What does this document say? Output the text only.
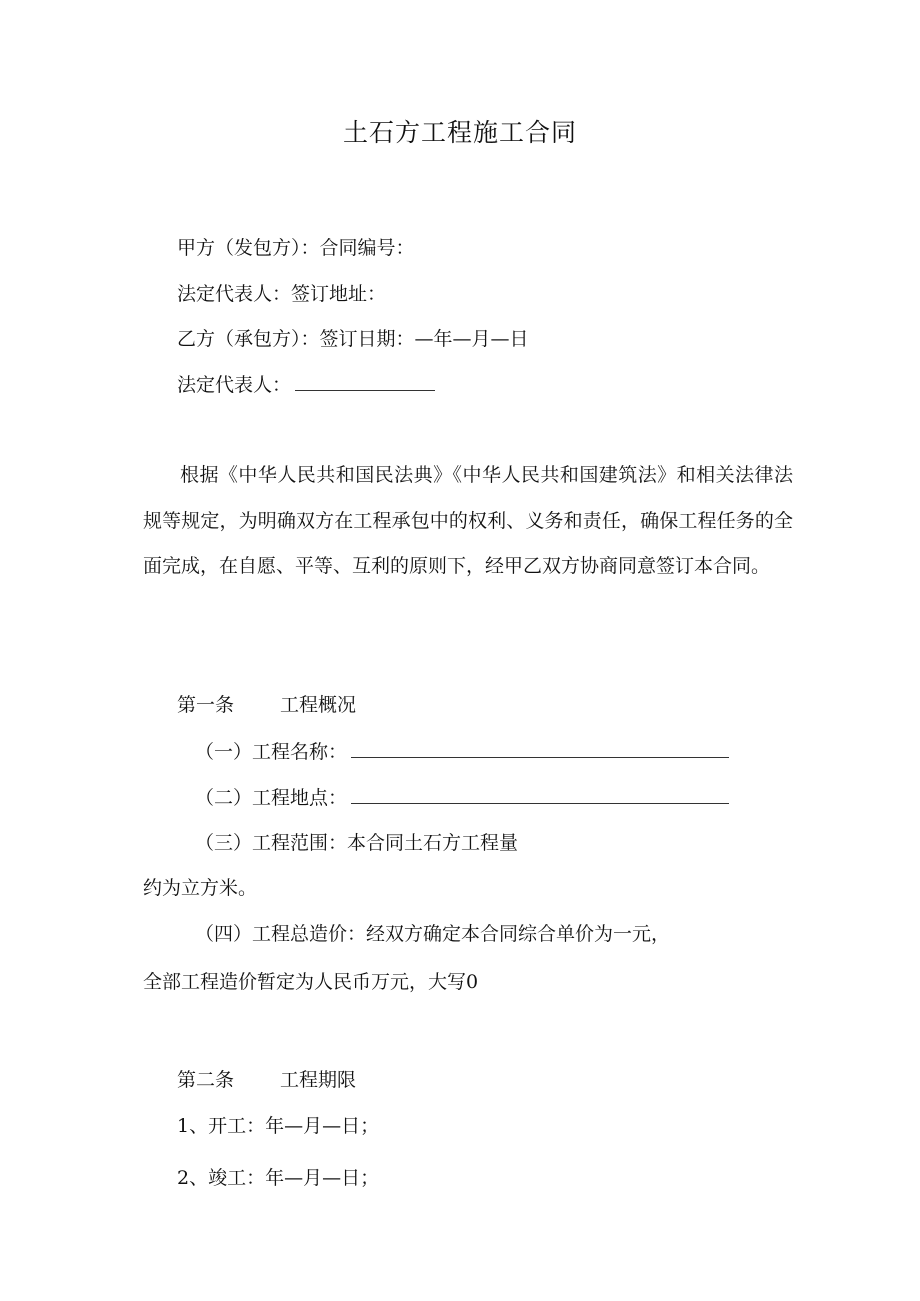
土石方工程施工合同
甲方（发包方）：合同编号：
法定代表人：签订地址：
乙方（承包方）：签订日期：—年—月—日
法定代表人：
根据《中华人民共和国民法典》《中华人民共和国建筑法》和相关法律法规等规定，为明确双方在工程承包中的权利、义务和责任，确保工程任务的全面完成，在自愿、平等、互利的原则下，经甲乙双方协商同意签订本合同。
第一条 工程概况
（一）工程名称：
（二）工程地点：
（三）工程范围：本合同土石方工程量
约为立方米。
（四）工程总造价：经双方确定本合同综合单价为一元，
全部工程造价暂定为人民币万元，大写0
第二条 工程期限
1、开工：年—月—日；
2、竣工：年—月—日；
